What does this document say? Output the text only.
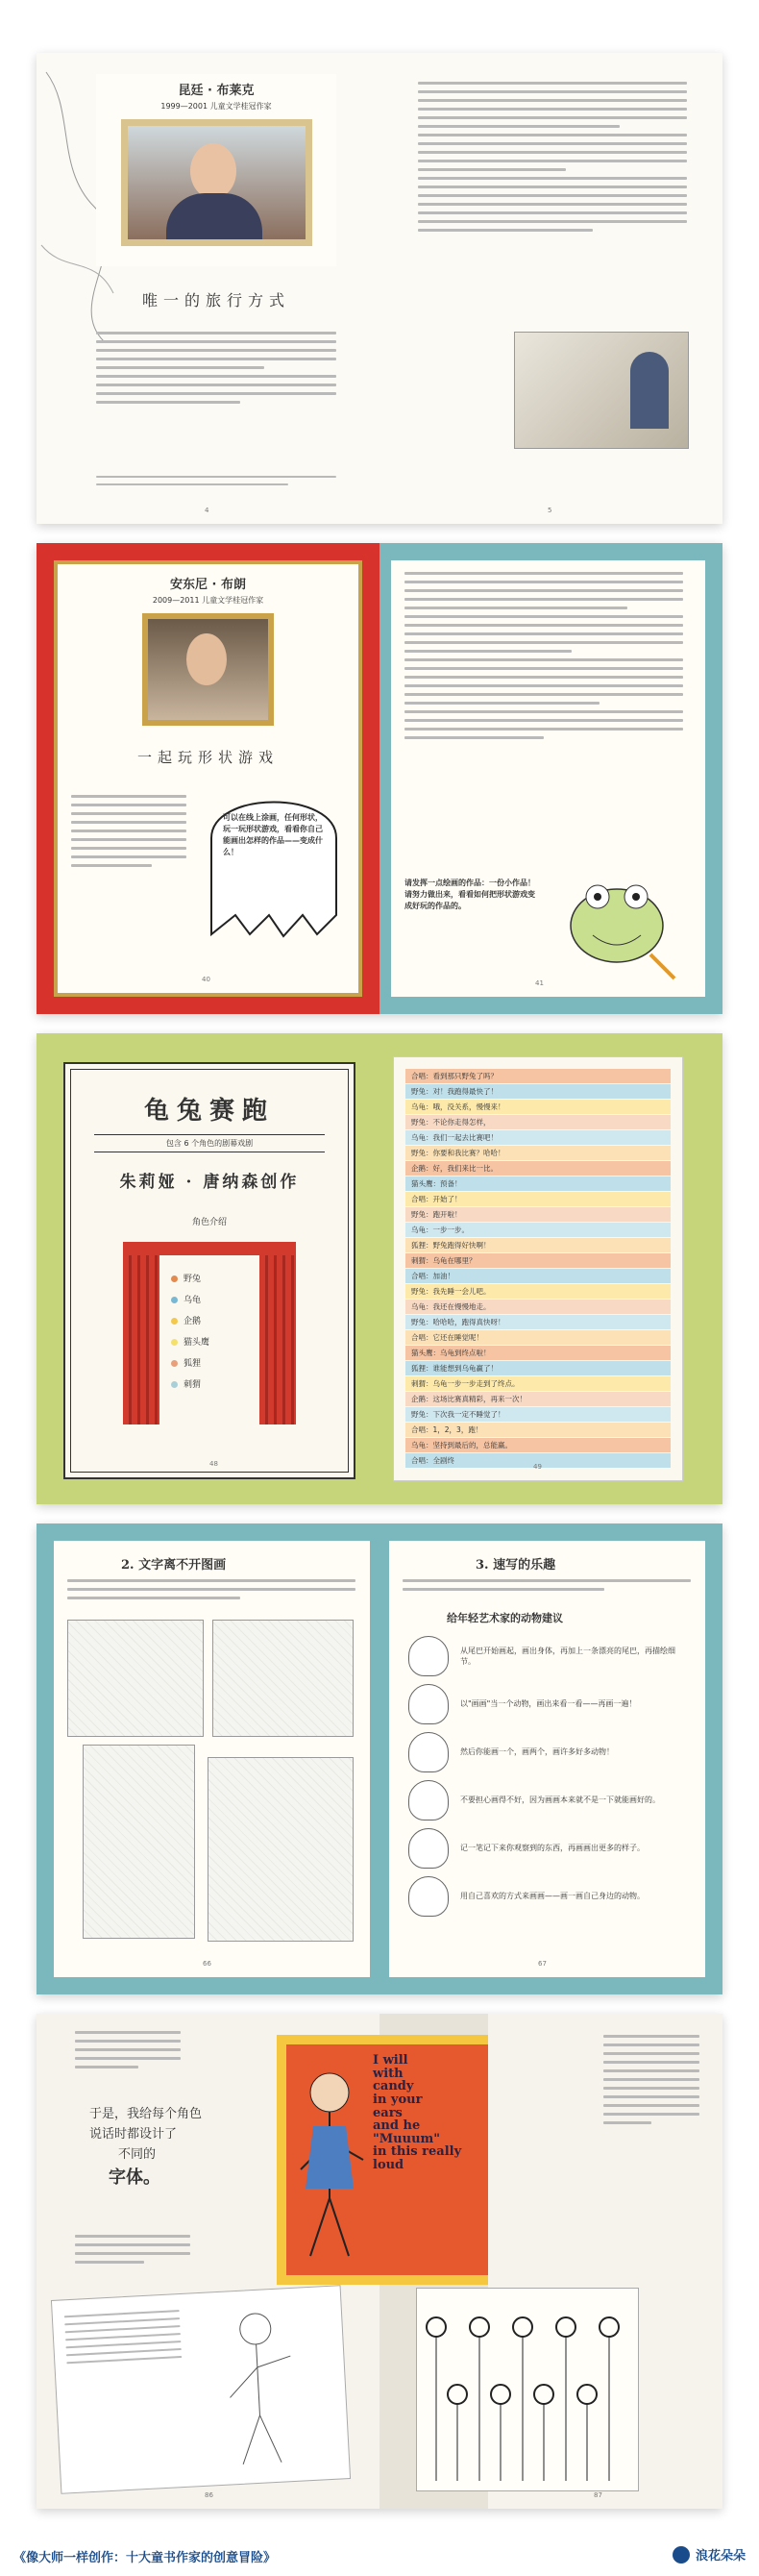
昆廷 · 布莱克
1999—2001 儿童文学桂冠作家
唯一的旅行方式
4	5
安东尼 · 布朗
2009—2011 儿童文学桂冠作家
一起玩形状游戏
可以在线上涂画，任何形状，玩一玩形状游戏，看看你自己能画出怎样的作品——变成什么！
40
请发挥一点绘画的作品：一份小作品！请努力做出来，看看如何把形状游戏变成好玩的作品的。
41
龟兔赛跑
包含 6 个角色的剧幕戏剧
朱莉娅 · 唐纳森创作
角色介绍
野兔
乌龟
企鹅
猫头鹰
狐狸
刺猬
48
合唱：看到那只野兔了吗？
野兔：对！我跑得最快了！
乌龟：哦，没关系，慢慢来！
野兔：不论你走得怎样，
乌龟：我们一起去比赛吧！
野兔：你要和我比赛？哈哈！
企鹅：好，我们来比一比。
猫头鹰：预备！
合唱：开始了！
野兔：跑开啦！
乌龟：一步一步。
狐狸：野兔跑得好快啊！
刺猬：乌龟在哪里？
合唱：加油！
野兔：我先睡一会儿吧。
乌龟：我还在慢慢地走。
野兔：哈哈哈，跑得真快呀！
合唱：它还在睡觉呢！
猫头鹰：乌龟到终点啦！
狐狸：谁能想到乌龟赢了！
刺猬：乌龟一步一步走到了终点。
企鹅：这场比赛真精彩，再来一次！
野兔：下次我一定不睡觉了！
合唱：1，2，3，跑！
乌龟：坚持到最后的，总能赢。
合唱：全剧终
49
2. 文字离不开图画
66
3. 速写的乐趣
给年轻艺术家的动物建议
从尾巴开始画起，画出身体，再加上一条漂亮的尾巴，再描绘细节。
以"画画"当一个动物，画出来看一看——再画一遍！
然后你能画一个，画两个，画许多好多动物！
不要担心画得不好，因为画画本来就不是一下就能画好的。
记一笔记下来你观察到的东西，再画画出更多的样子。
用自己喜欢的方式来画画——画一画自己身边的动物。
67
于是，我给每个角色
说话时都设计了
不同的
字体。
86
I will
with
candy
in your
ears
and he
"Muuum"
in this really
loud
87
《像大师一样创作：十大童书作家的创意冒险》	浪花朵朵
